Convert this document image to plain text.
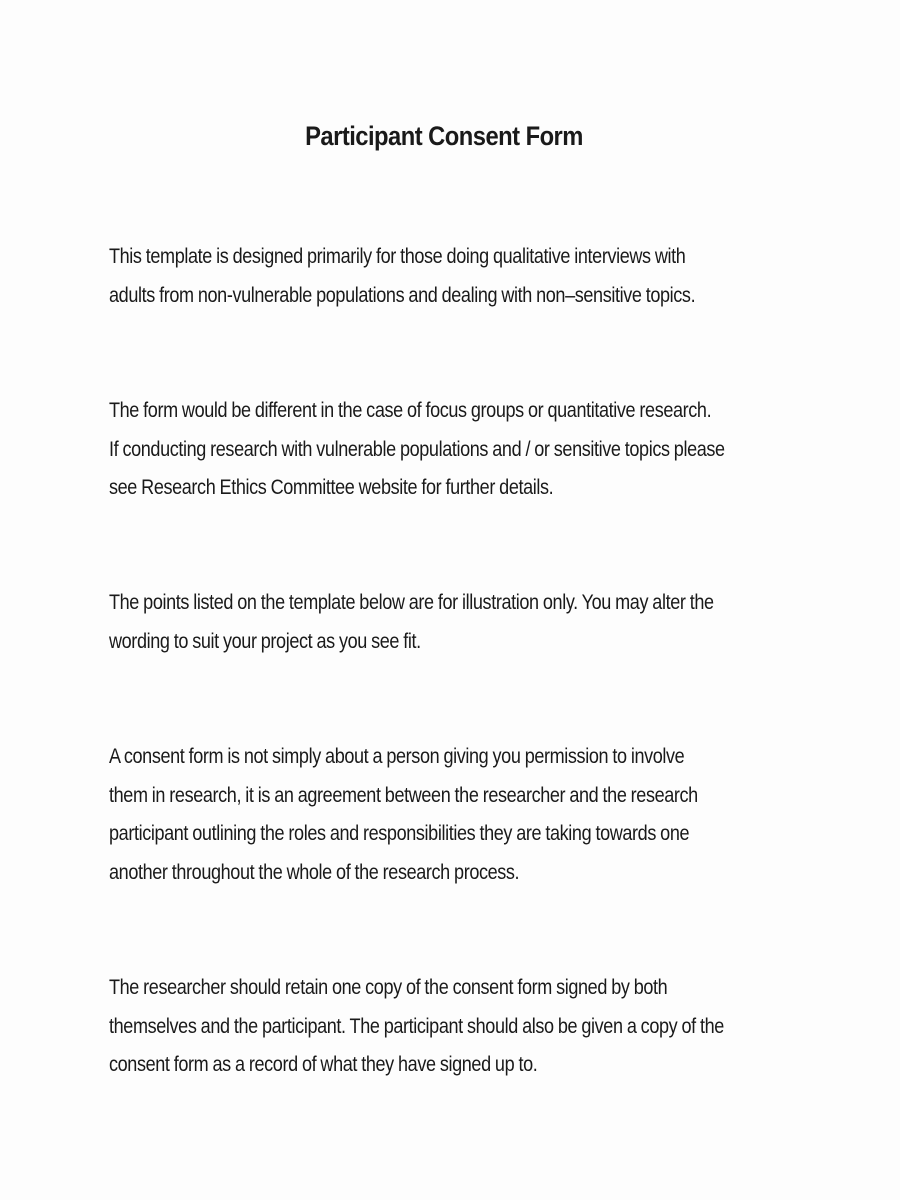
Participant Consent Form

This template is designed primarily for those doing qualitative interviews with
adults from non-vulnerable populations and dealing with non–sensitive topics.

The form would be different in the case of focus groups or quantitative research.
If conducting research with vulnerable populations and / or sensitive topics please
see Research Ethics Committee website for further details.

The points listed on the template below are for illustration only. You may alter the
wording to suit your project as you see fit.

A consent form is not simply about a person giving you permission to involve
them in research, it is an agreement between the researcher and the research
participant outlining the roles and responsibilities they are taking towards one
another throughout the whole of the research process.

The researcher should retain one copy of the consent form signed by both
themselves and the participant. The participant should also be given a copy of the
consent form as a record of what they have signed up to.
